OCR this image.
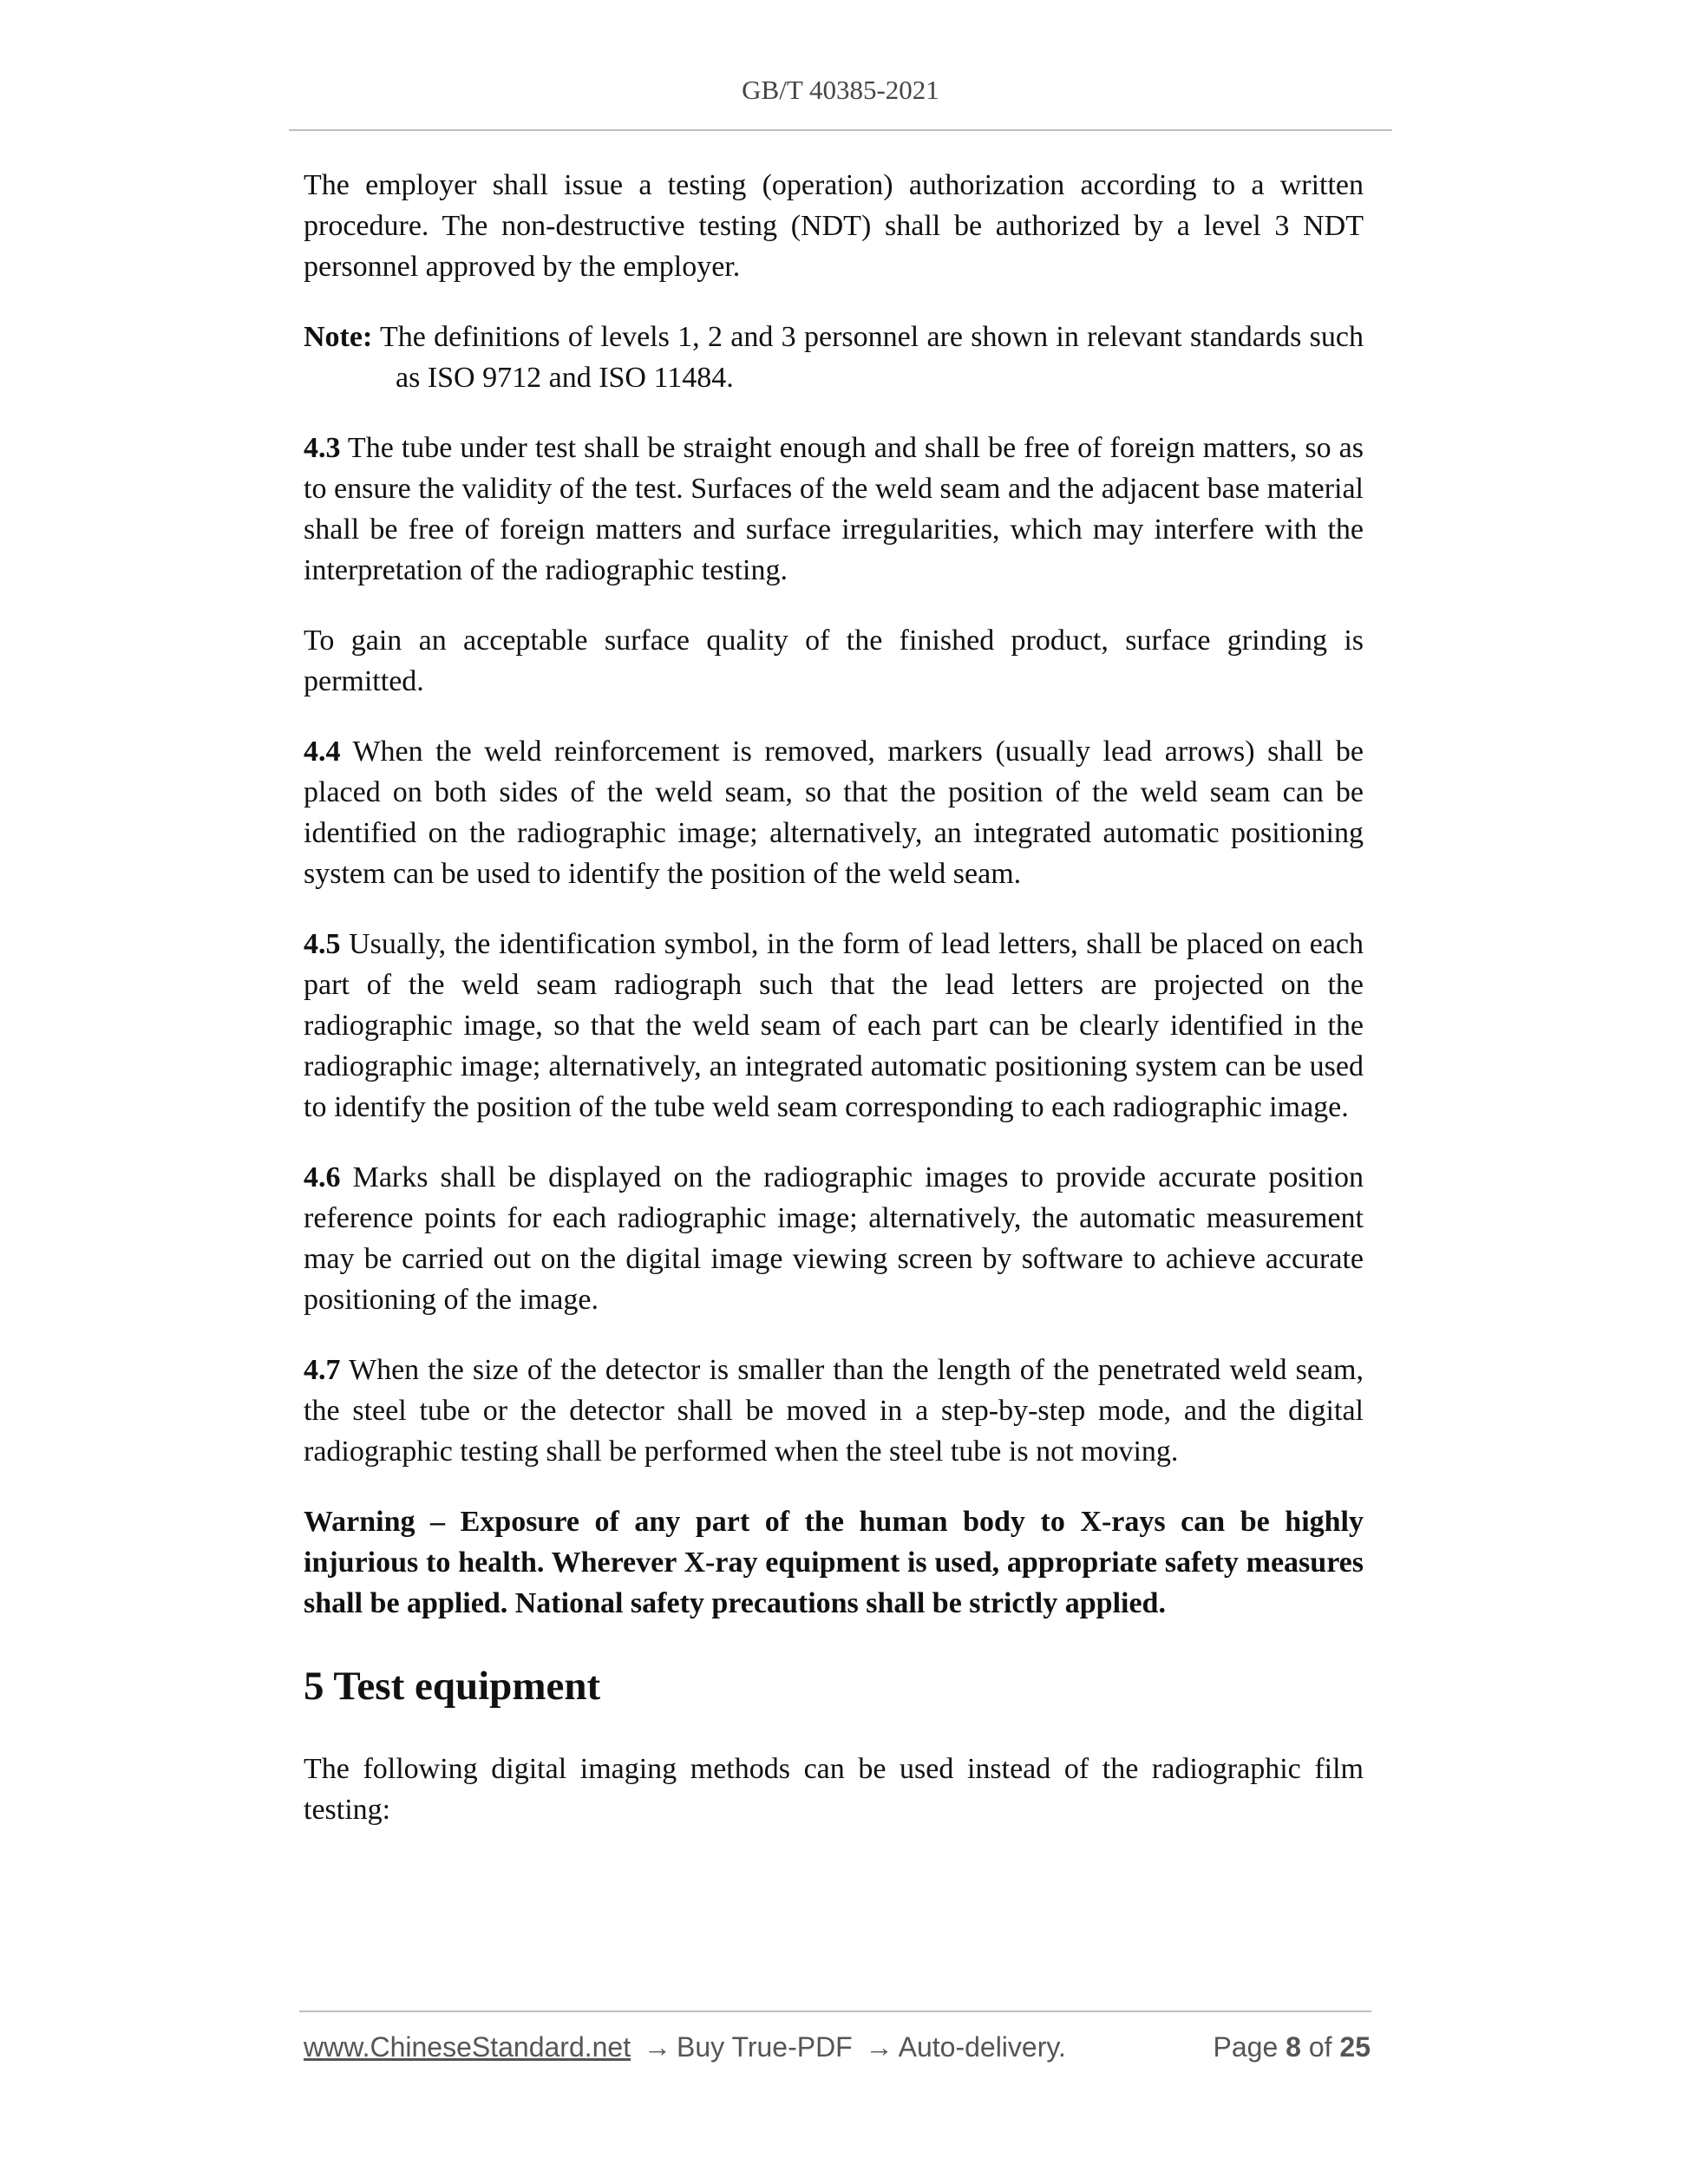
GB/T 40385-2021

The employer shall issue a testing (operation) authorization according to a written procedure. The non-destructive testing (NDT) shall be authorized by a level 3 NDT personnel approved by the employer.

Note: The definitions of levels 1, 2 and 3 personnel are shown in relevant standards such as ISO 9712 and ISO 11484.

4.3 The tube under test shall be straight enough and shall be free of foreign matters, so as to ensure the validity of the test. Surfaces of the weld seam and the adjacent base material shall be free of foreign matters and surface irregularities, which may interfere with the interpretation of the radiographic testing.

To gain an acceptable surface quality of the finished product, surface grinding is permitted.

4.4 When the weld reinforcement is removed, markers (usually lead arrows) shall be placed on both sides of the weld seam, so that the position of the weld seam can be identified on the radiographic image; alternatively, an integrated automatic positioning system can be used to identify the position of the weld seam.

4.5 Usually, the identification symbol, in the form of lead letters, shall be placed on each part of the weld seam radiograph such that the lead letters are projected on the radiographic image, so that the weld seam of each part can be clearly identified in the radiographic image; alternatively, an integrated automatic positioning system can be used to identify the position of the tube weld seam corresponding to each radiographic image.

4.6 Marks shall be displayed on the radiographic images to provide accurate position reference points for each radiographic image; alternatively, the automatic measurement may be carried out on the digital image viewing screen by software to achieve accurate positioning of the image.

4.7 When the size of the detector is smaller than the length of the penetrated weld seam, the steel tube or the detector shall be moved in a step-by-step mode, and the digital radiographic testing shall be performed when the steel tube is not moving.

Warning – Exposure of any part of the human body to X-rays can be highly injurious to health. Wherever X-ray equipment is used, appropriate safety measures shall be applied. National safety precautions shall be strictly applied.

5 Test equipment

The following digital imaging methods can be used instead of the radiographic film testing:

www.ChineseStandard.net → Buy True-PDF → Auto-delivery.	Page 8 of 25
